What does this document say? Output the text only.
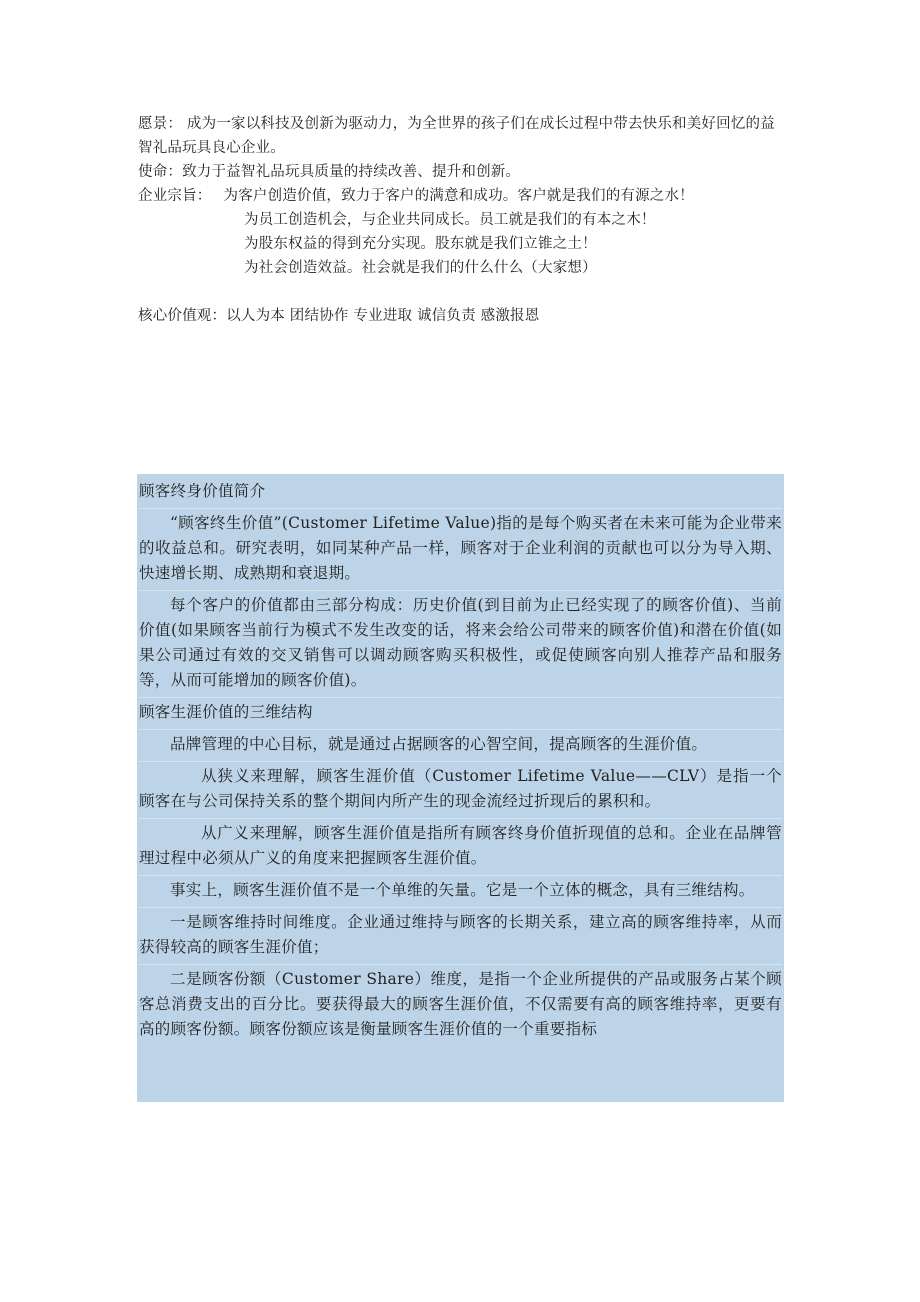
愿景： 成为一家以科技及创新为驱动力，为全世界的孩子们在成长过程中带去快乐和美好回忆的益智礼品玩具良心企业。

使命：致力于益智礼品玩具质量的持续改善、提升和创新。

企业宗旨： 为客户创造价值，致力于客户的满意和成功。客户就是我们的有源之水！
为员工创造机会，与企业共同成长。员工就是我们的有本之木！
为股东权益的得到充分实现。股东就是我们立锥之土！
为社会创造效益。社会就是我们的什么什么（大家想）

核心价值观：以人为本 团结协作 专业进取 诚信负责 感激报恩

顾客终身价值简介

“顾客终生价值”(Customer Lifetime Value)指的是每个购买者在未来可能为企业带来的收益总和。研究表明，如同某种产品一样，顾客对于企业利润的贡献也可以分为导入期、快速增长期、成熟期和衰退期。

每个客户的价值都由三部分构成：历史价值(到目前为止已经实现了的顾客价值)、当前价值(如果顾客当前行为模式不发生改变的话，将来会给公司带来的顾客价值)和潜在价值(如果公司通过有效的交叉销售可以调动顾客购买积极性，或促使顾客向别人推荐产品和服务等，从而可能增加的顾客价值)。

顾客生涯价值的三维结构

品牌管理的中心目标，就是通过占据顾客的心智空间，提高顾客的生涯价值。

从狭义来理解，顾客生涯价值（Customer Lifetime Value——CLV）是指一个顾客在与公司保持关系的整个期间内所产生的现金流经过折现后的累积和。

从广义来理解，顾客生涯价值是指所有顾客终身价值折现值的总和。企业在品牌管理过程中必须从广义的角度来把握顾客生涯价值。

事实上，顾客生涯价值不是一个单维的矢量。它是一个立体的概念，具有三维结构。

一是顾客维持时间维度。企业通过维持与顾客的长期关系，建立高的顾客维持率，从而获得较高的顾客生涯价值；

二是顾客份额（Customer Share）维度，是指一个企业所提供的产品或服务占某个顾客总消费支出的百分比。要获得最大的顾客生涯价值，不仅需要有高的顾客维持率，更要有高的顾客份额。顾客份额应该是衡量顾客生涯价值的一个重要指标
